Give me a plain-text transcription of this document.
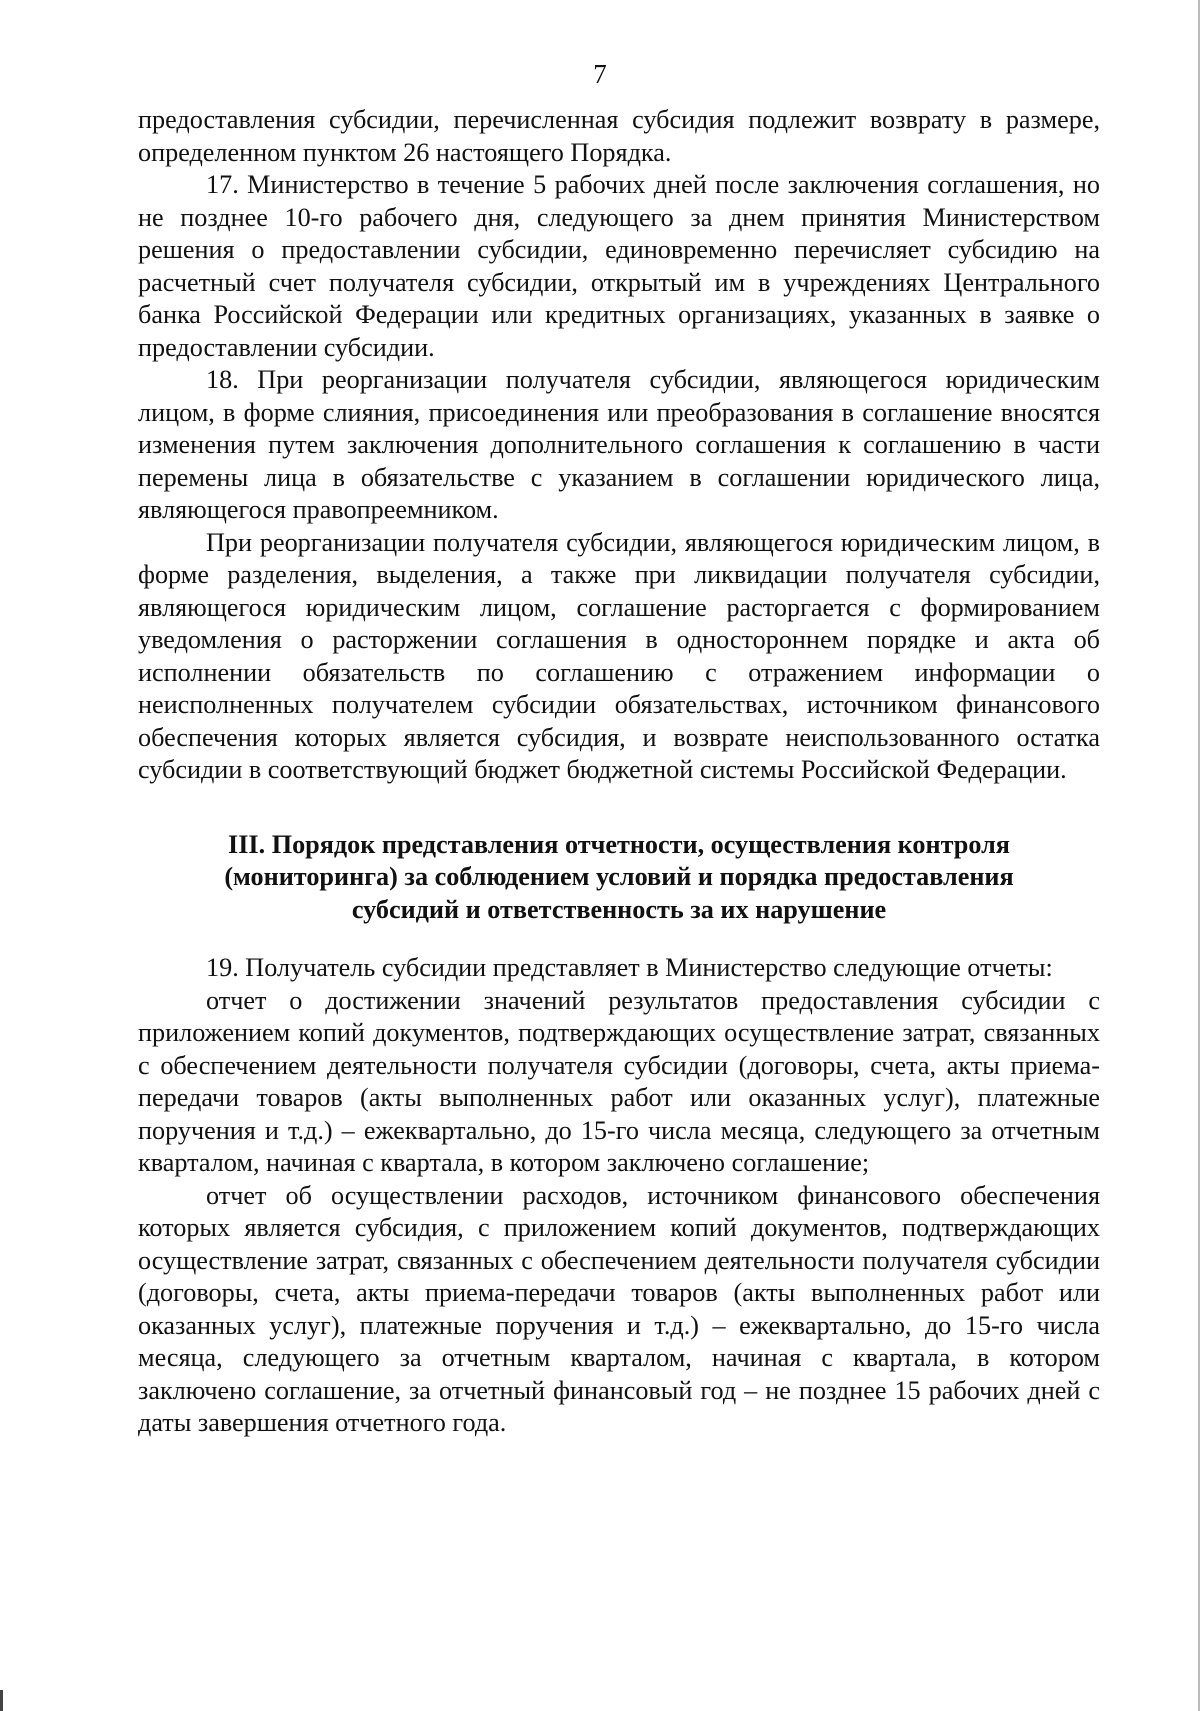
7

предоставления субсидии, перечисленная субсидия подлежит возврату в размере, определенном пунктом 26 настоящего Порядка.

17. Министерство в течение 5 рабочих дней после заключения соглашения, но не позднее 10-го рабочего дня, следующего за днем принятия Министерством решения о предоставлении субсидии, единовременно перечисляет субсидию на расчетный счет получателя субсидии, открытый им в учреждениях Центрального банка Российской Федерации или кредитных организациях, указанных в заявке о предоставлении субсидии.

18. При реорганизации получателя субсидии, являющегося юридическим лицом, в форме слияния, присоединения или преобразования в соглашение вносятся изменения путем заключения дополнительного соглашения к соглашению в части перемены лица в обязательстве с указанием в соглашении юридического лица, являющегося правопреемником.

При реорганизации получателя субсидии, являющегося юридическим лицом, в форме разделения, выделения, а также при ликвидации получателя субсидии, являющегося юридическим лицом, соглашение расторгается с формированием уведомления о расторжении соглашения в одностороннем порядке и акта об исполнении обязательств по соглашению с отражением информации о неисполненных получателем субсидии обязательствах, источником финансового обеспечения которых является субсидия, и возврате неиспользованного остатка субсидии в соответствующий бюджет бюджетной системы Российской Федерации.

III. Порядок представления отчетности, осуществления контроля
(мониторинга) за соблюдением условий и порядка предоставления
субсидий и ответственность за их нарушение

19. Получатель субсидии представляет в Министерство следующие отчеты:

отчет о достижении значений результатов предоставления субсидии с приложением копий документов, подтверждающих осуществление затрат, связанных с обеспечением деятельности получателя субсидии (договоры, счета, акты приема-передачи товаров (акты выполненных работ или оказанных услуг), платежные поручения и т.д.) – ежеквартально, до 15-го числа месяца, следующего за отчетным кварталом, начиная с квартала, в котором заключено соглашение;

отчет об осуществлении расходов, источником финансового обеспечения которых является субсидия, с приложением копий документов, подтверждающих осуществление затрат, связанных с обеспечением деятельности получателя субсидии (договоры, счета, акты приема-передачи товаров (акты выполненных работ или оказанных услуг), платежные поручения и т.д.) – ежеквартально, до 15-го числа месяца, следующего за отчетным кварталом, начиная с квартала, в котором заключено соглашение, за отчетный финансовый год – не позднее 15 рабочих дней с даты завершения отчетного года.
